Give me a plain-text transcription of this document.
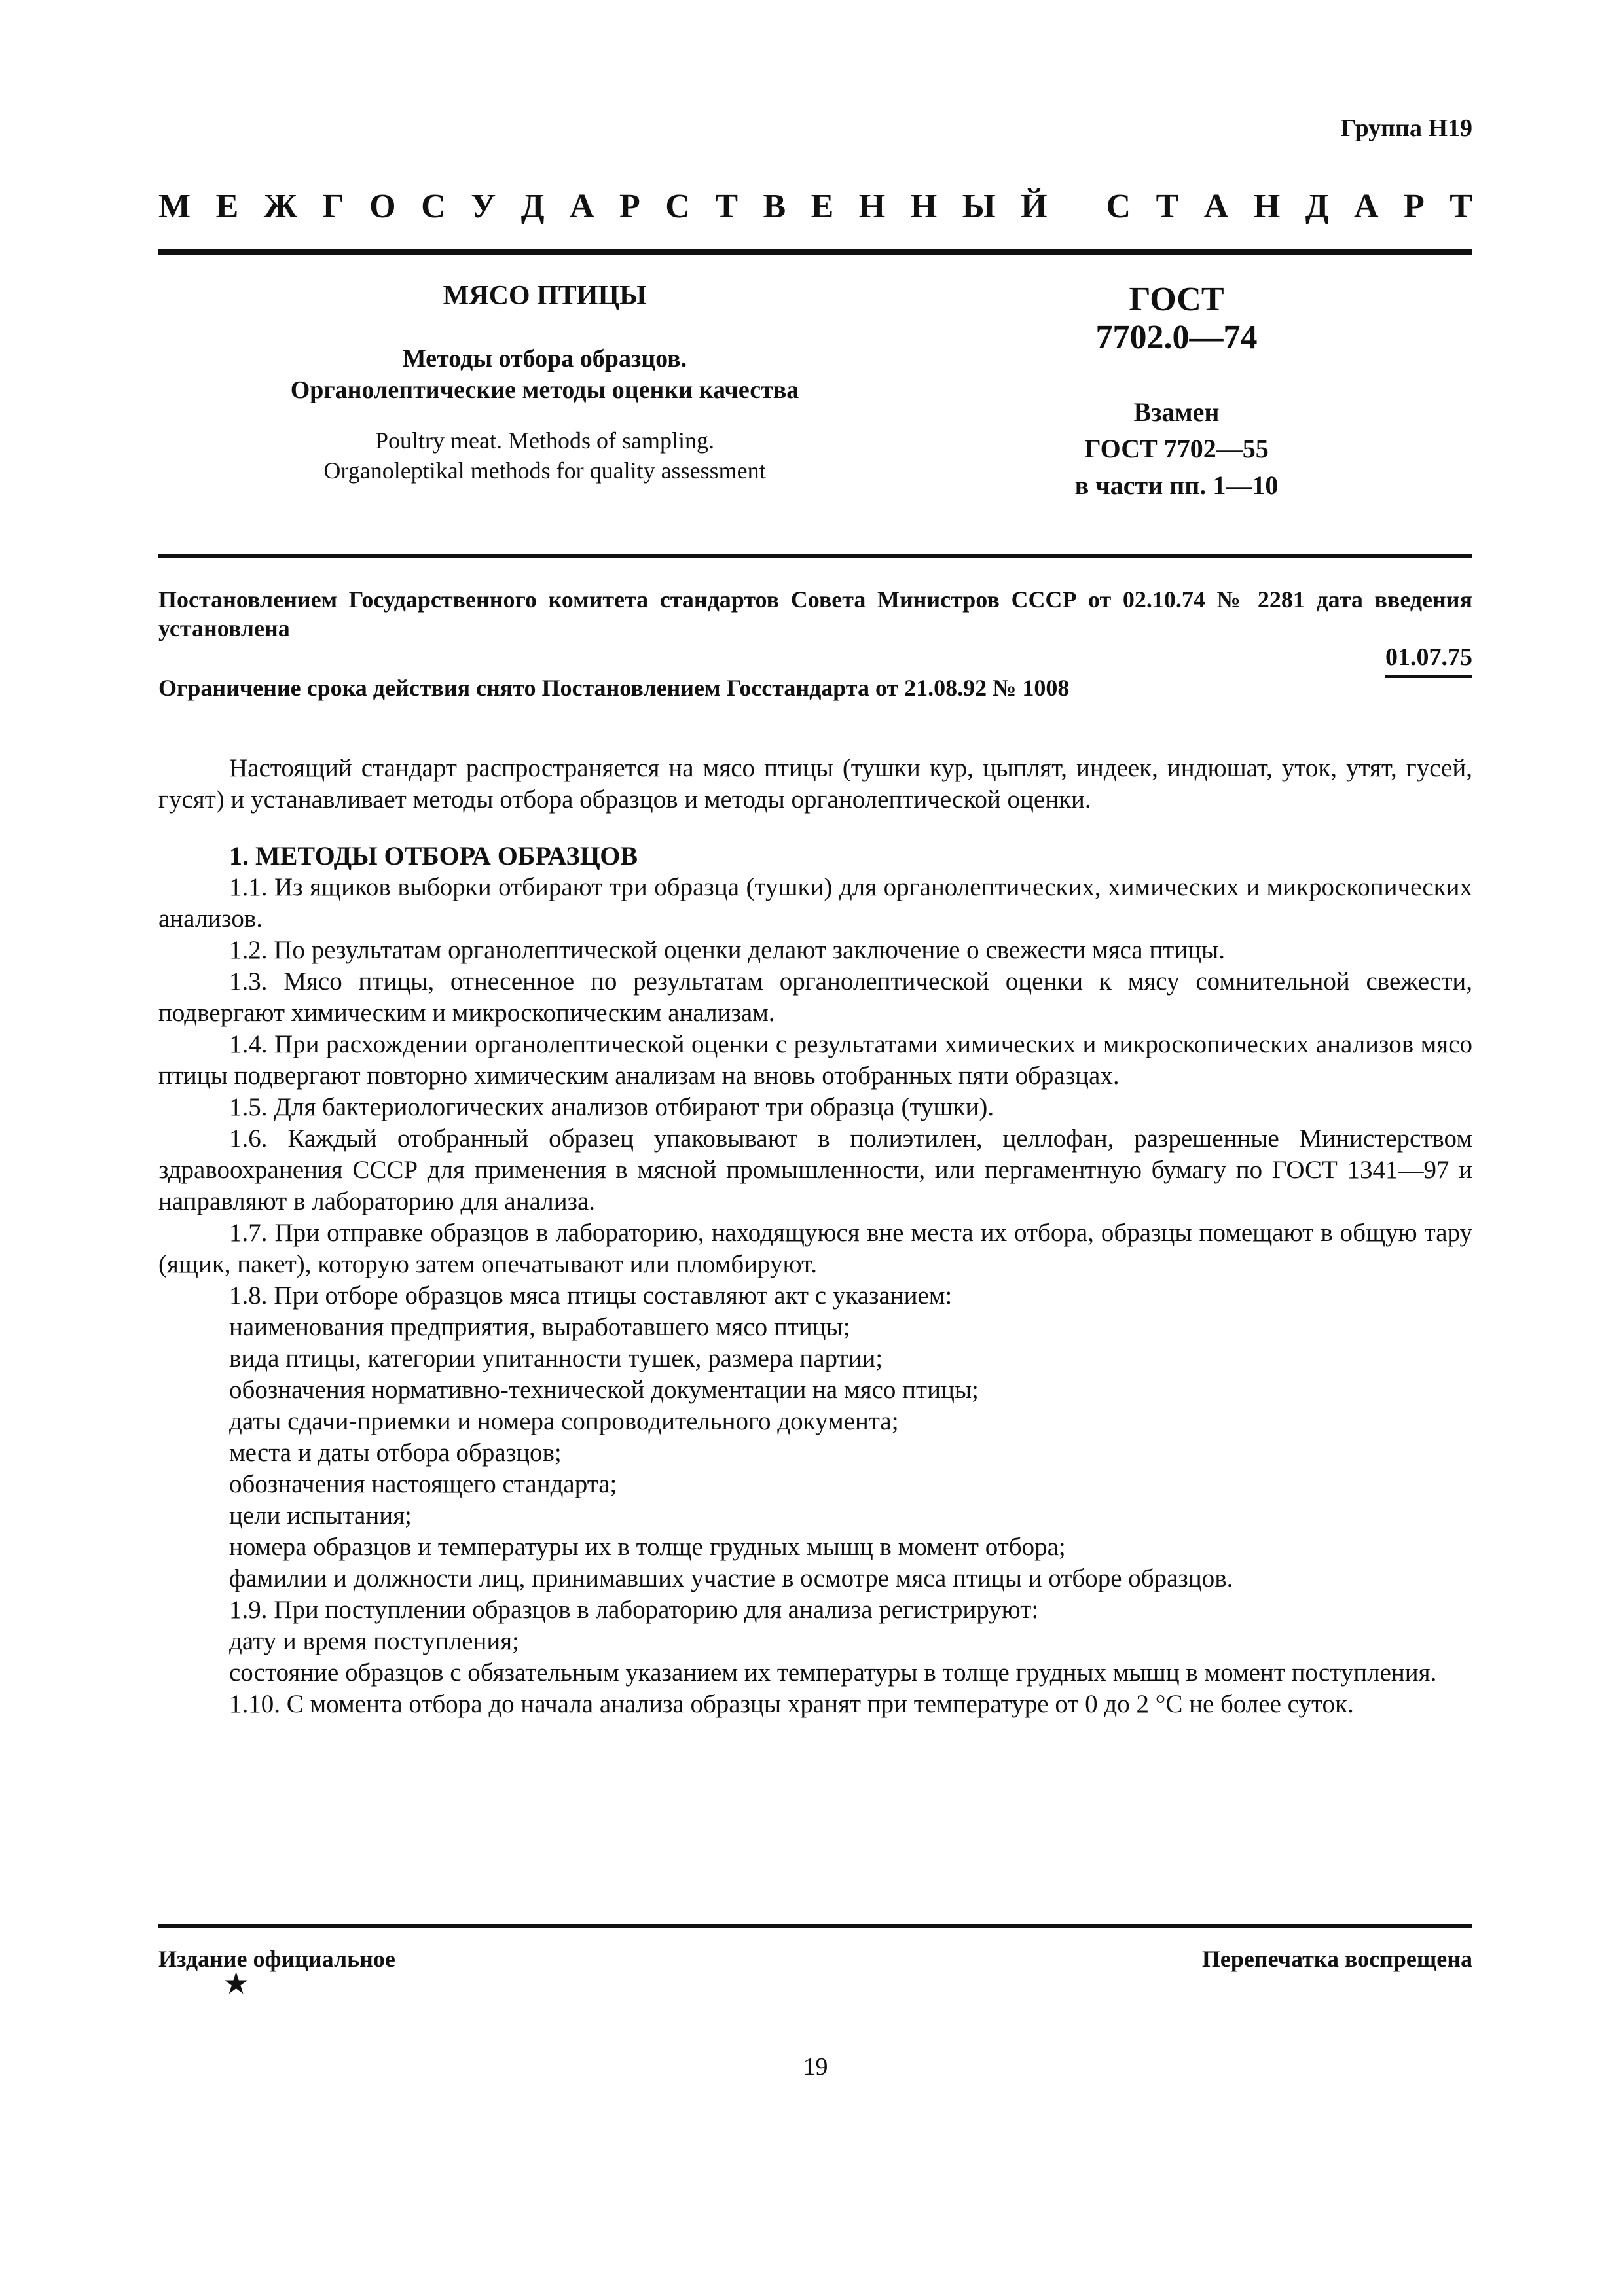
Группа Н19
М Е Ж Г О С У Д А Р С Т В Е Н Н Ы Й
С Т А Н Д А Р Т
МЯСО ПТИЦЫ
Методы отбора образцов.
Органолептические методы оценки качества
Poultry meat. Methods of sampling.
Organoleptikal methods for quality assessment
ГОСТ
7702.0—74
Взамен
ГОСТ 7702—55
в части пп. 1—10
Постановлением Государственного комитета стандартов Совета Министров СССР от 02.10.74 № 2281 дата введения установлена
01.07.75
Ограничение срока действия снято Постановлением Госстандарта от 21.08.92 № 1008

Настоящий стандарт распространяется на мясо птицы (тушки кур, цыплят, индеек, индюшат, уток, утят, гусей, гусят) и устанавливает методы отбора образцов и методы органолептической оценки.

1. МЕТОДЫ ОТБОРА ОБРАЗЦОВ

1.1. Из ящиков выборки отбирают три образца (тушки) для органолептических, химических и микроскопических анализов.

1.2. По результатам органолептической оценки делают заключение о свежести мяса птицы.

1.3. Мясо птицы, отнесенное по результатам органолептической оценки к мясу сомнительной свежести, подвергают химическим и микроскопическим анализам.

1.4. При расхождении органолептической оценки с результатами химических и микроскопических анализов мясо птицы подвергают повторно химическим анализам на вновь отобранных пяти образцах.

1.5. Для бактериологических анализов отбирают три образца (тушки).

1.6. Каждый отобранный образец упаковывают в полиэтилен, целлофан, разрешенные Министерством здравоохранения СССР для применения в мясной промышленности, или пергаментную бумагу по ГОСТ 1341—97 и направляют в лабораторию для анализа.

1.7. При отправке образцов в лабораторию, находящуюся вне места их отбора, образцы помещают в общую тару (ящик, пакет), которую затем опечатывают или пломбируют.

1.8. При отборе образцов мяса птицы составляют акт с указанием:

наименования предприятия, выработавшего мясо птицы;

вида птицы, категории упитанности тушек, размера партии;

обозначения нормативно-технической документации на мясо птицы;

даты сдачи-приемки и номера сопроводительного документа;

места и даты отбора образцов;

обозначения настоящего стандарта;

цели испытания;

номера образцов и температуры их в толще грудных мышц в момент отбора;

фамилии и должности лиц, принимавших участие в осмотре мяса птицы и отборе образцов.

1.9. При поступлении образцов в лабораторию для анализа регистрируют:

дату и время поступления;

состояние образцов с обязательным указанием их температуры в толще грудных мышц в момент поступления.

1.10. С момента отбора до начала анализа образцы хранят при температуре от 0 до 2 °С не более суток.

Издание официальное	Перепечатка воспрещена
★
19
